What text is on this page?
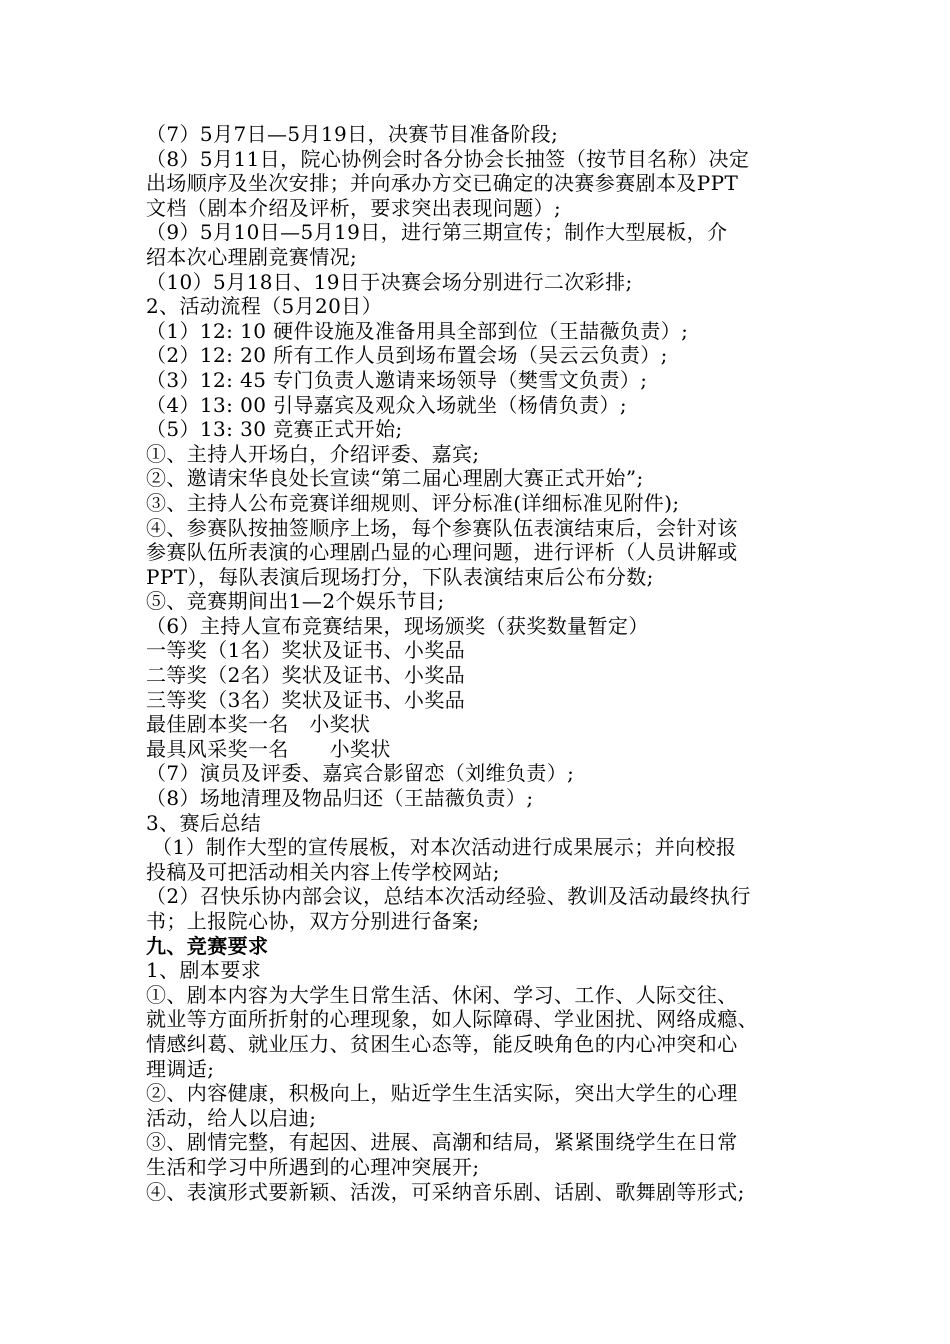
（7）5月7日—5月19日，决赛节目准备阶段;
（8）5月11日，院心协例会时各分协会长抽签（按节目名称）决定
出场顺序及坐次安排；并向承办方交已确定的决赛参赛剧本及PPT
文档（剧本介绍及评析，要求突出表现问题）;
（9）5月10日—5月19日，进行第三期宣传；制作大型展板，介
绍本次心理剧竞赛情况;
（10）5月18日、19日于决赛会场分别进行二次彩排;
2、活动流程（5月20日）
（1）12: 10 硬件设施及准备用具全部到位（王喆薇负责）;
（2）12: 20 所有工作人员到场布置会场（吴云云负责）;
（3）12: 45 专门负责人邀请来场领导（樊雪文负责）;
（4）13: 00 引导嘉宾及观众入场就坐（杨倩负责）;
（5）13: 30 竞赛正式开始;
①、主持人开场白，介绍评委、嘉宾;
②、邀请宋华良处长宣读“第二届心理剧大赛正式开始”;
③、主持人公布竞赛详细规则、评分标准(详细标准见附件);
④、参赛队按抽签顺序上场，每个参赛队伍表演结束后，会针对该
参赛队伍所表演的心理剧凸显的心理问题，进行评析（人员讲解或
PPT），每队表演后现场打分，下队表演结束后公布分数;
⑤、竞赛期间出1—2个娱乐节目;
（6）主持人宣布竞赛结果，现场颁奖（获奖数量暂定）
一等奖（1名）奖状及证书、小奖品
二等奖（2名）奖状及证书、小奖品
三等奖（3名）奖状及证书、小奖品
最佳剧本奖一名　小奖状
最具风采奖一名　　小奖状
（7）演员及评委、嘉宾合影留恋（刘维负责）;
（8）场地清理及物品归还（王喆薇负责）;
3、赛后总结
（1）制作大型的宣传展板，对本次活动进行成果展示；并向校报
投稿及可把活动相关内容上传学校网站;
（2）召快乐协内部会议，总结本次活动经验、教训及活动最终执行
书；上报院心协，双方分别进行备案;
九、竞赛要求
1、剧本要求
①、剧本内容为大学生日常生活、休闲、学习、工作、人际交往、
就业等方面所折射的心理现象，如人际障碍、学业困扰、网络成瘾、
情感纠葛、就业压力、贫困生心态等，能反映角色的内心冲突和心
理调适;
②、内容健康，积极向上，贴近学生生活实际，突出大学生的心理
活动，给人以启迪;
③、剧情完整，有起因、进展、高潮和结局，紧紧围绕学生在日常
生活和学习中所遇到的心理冲突展开;
④、表演形式要新颖、活泼，可采纳音乐剧、话剧、歌舞剧等形式;
